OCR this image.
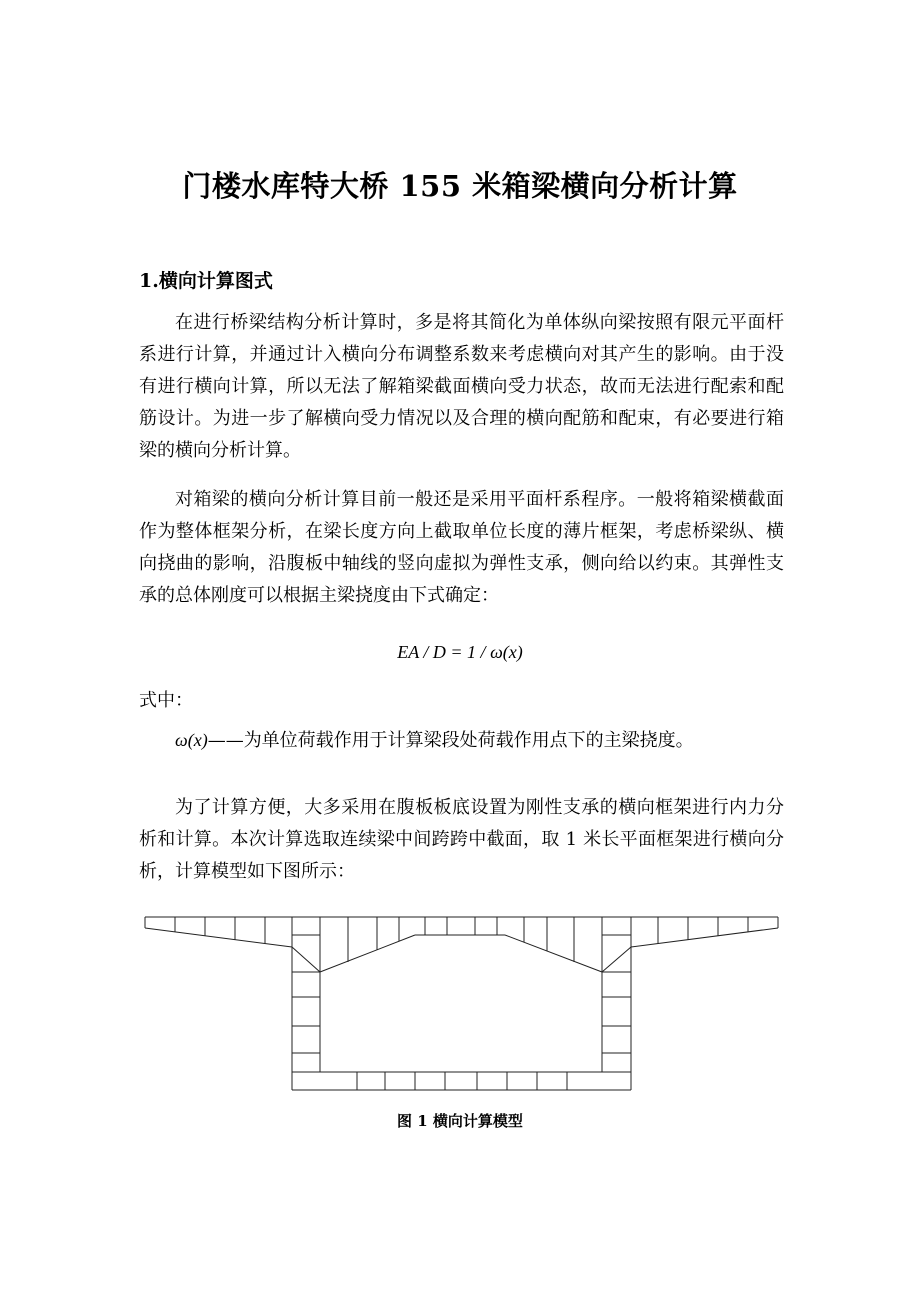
门楼水库特大桥 155 米箱梁横向分析计算
1.横向计算图式
在进行桥梁结构分析计算时，多是将其简化为单体纵向梁按照有限元平面杆系进行计算，并通过计入横向分布调整系数来考虑横向对其产生的影响。由于没有进行横向计算，所以无法了解箱梁截面横向受力状态，故而无法进行配索和配筋设计。为进一步了解横向受力情况以及合理的横向配筋和配束，有必要进行箱梁的横向分析计算。
对箱梁的横向分析计算目前一般还是采用平面杆系程序。一般将箱梁横截面作为整体框架分析，在梁长度方向上截取单位长度的薄片框架，考虑桥梁纵、横向挠曲的影响，沿腹板中轴线的竖向虚拟为弹性支承，侧向给以约束。其弹性支承的总体刚度可以根据主梁挠度由下式确定：
EA / D = 1 / ω(x)
式中：
ω(x)——为单位荷载作用于计算梁段处荷载作用点下的主梁挠度。
为了计算方便，大多采用在腹板板底设置为刚性支承的横向框架进行内力分析和计算。本次计算选取连续梁中间跨跨中截面，取 1 米长平面框架进行横向分析，计算模型如下图所示：
图 1 横向计算模型
